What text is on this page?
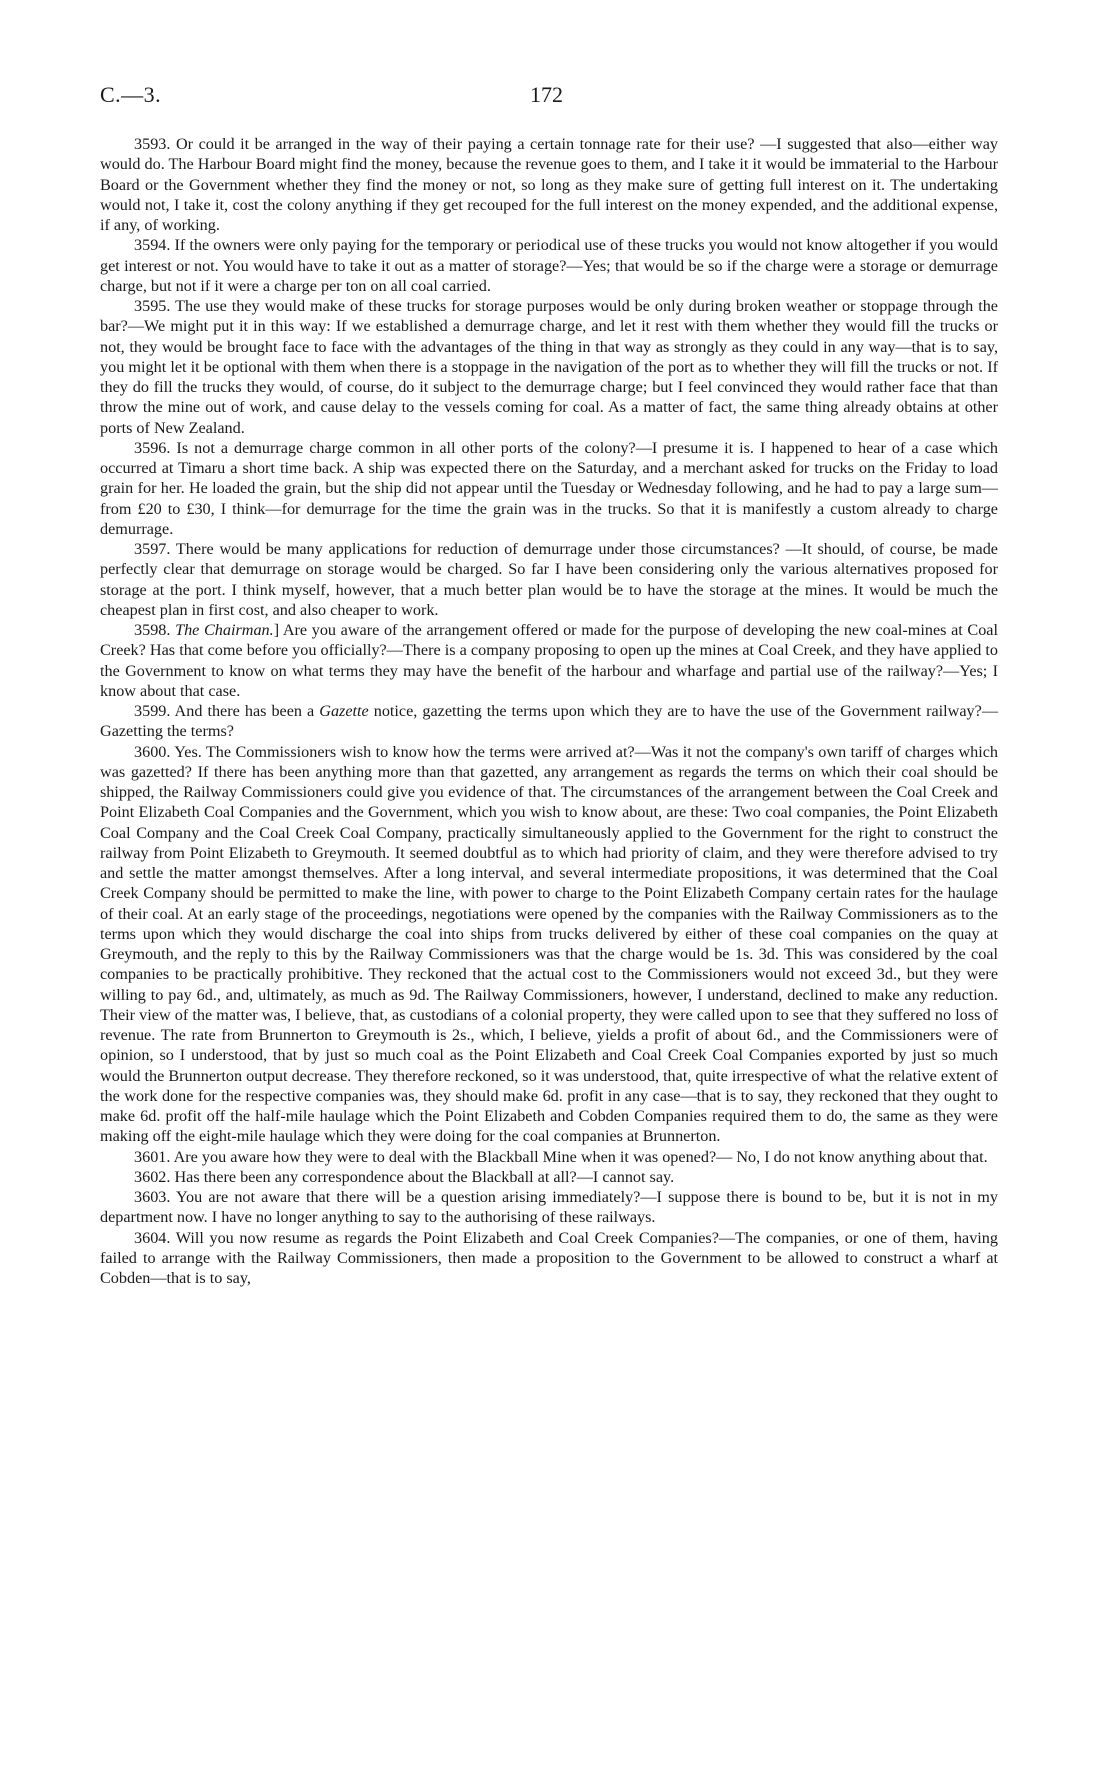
C.—3.	172

3593. Or could it be arranged in the way of their paying a certain tonnage rate for their use? —I suggested that also—either way would do. The Harbour Board might find the money, because the revenue goes to them, and I take it it would be immaterial to the Harbour Board or the Government whether they find the money or not, so long as they make sure of getting full interest on it. The undertaking would not, I take it, cost the colony anything if they get recouped for the full interest on the money expended, and the additional expense, if any, of working.

3594. If the owners were only paying for the temporary or periodical use of these trucks you would not know altogether if you would get interest or not. You would have to take it out as a matter of storage?—Yes; that would be so if the charge were a storage or demurrage charge, but not if it were a charge per ton on all coal carried.

3595. The use they would make of these trucks for storage purposes would be only during broken weather or stoppage through the bar?—We might put it in this way: If we established a demurrage charge, and let it rest with them whether they would fill the trucks or not, they would be brought face to face with the advantages of the thing in that way as strongly as they could in any way—that is to say, you might let it be optional with them when there is a stoppage in the navigation of the port as to whether they will fill the trucks or not. If they do fill the trucks they would, of course, do it subject to the demurrage charge; but I feel convinced they would rather face that than throw the mine out of work, and cause delay to the vessels coming for coal. As a matter of fact, the same thing already obtains at other ports of New Zealand.

3596. Is not a demurrage charge common in all other ports of the colony?—I presume it is. I happened to hear of a case which occurred at Timaru a short time back. A ship was expected there on the Saturday, and a merchant asked for trucks on the Friday to load grain for her. He loaded the grain, but the ship did not appear until the Tuesday or Wednesday following, and he had to pay a large sum—from £20 to £30, I think—for demurrage for the time the grain was in the trucks. So that it is manifestly a custom already to charge demurrage.

3597. There would be many applications for reduction of demurrage under those circumstances? —It should, of course, be made perfectly clear that demurrage on storage would be charged. So far I have been considering only the various alternatives proposed for storage at the port. I think myself, however, that a much better plan would be to have the storage at the mines. It would be much the cheapest plan in first cost, and also cheaper to work.

3598. The Chairman.] Are you aware of the arrangement offered or made for the purpose of developing the new coal-mines at Coal Creek? Has that come before you officially?—There is a company proposing to open up the mines at Coal Creek, and they have applied to the Government to know on what terms they may have the benefit of the harbour and wharfage and partial use of the railway?—Yes; I know about that case.

3599. And there has been a Gazette notice, gazetting the terms upon which they are to have the use of the Government railway?—Gazetting the terms?

3600. Yes. The Commissioners wish to know how the terms were arrived at?—Was it not the company's own tariff of charges which was gazetted? If there has been anything more than that gazetted, any arrangement as regards the terms on which their coal should be shipped, the Railway Commissioners could give you evidence of that. The circumstances of the arrangement between the Coal Creek and Point Elizabeth Coal Companies and the Government, which you wish to know about, are these: Two coal companies, the Point Elizabeth Coal Company and the Coal Creek Coal Company, practically simultaneously applied to the Government for the right to construct the railway from Point Elizabeth to Greymouth. It seemed doubtful as to which had priority of claim, and they were therefore advised to try and settle the matter amongst themselves. After a long interval, and several intermediate propositions, it was determined that the Coal Creek Company should be permitted to make the line, with power to charge to the Point Elizabeth Company certain rates for the haulage of their coal. At an early stage of the proceedings, negotiations were opened by the companies with the Railway Commissioners as to the terms upon which they would discharge the coal into ships from trucks delivered by either of these coal companies on the quay at Greymouth, and the reply to this by the Railway Commissioners was that the charge would be 1s. 3d. This was considered by the coal companies to be practically prohibitive. They reckoned that the actual cost to the Commissioners would not exceed 3d., but they were willing to pay 6d., and, ultimately, as much as 9d. The Railway Commissioners, however, I understand, declined to make any reduction. Their view of the matter was, I believe, that, as custodians of a colonial property, they were called upon to see that they suffered no loss of revenue. The rate from Brunnerton to Greymouth is 2s., which, I believe, yields a profit of about 6d., and the Commissioners were of opinion, so I understood, that by just so much coal as the Point Elizabeth and Coal Creek Coal Companies exported by just so much would the Brunnerton output decrease. They therefore reckoned, so it was understood, that, quite irrespective of what the relative extent of the work done for the respective companies was, they should make 6d. profit in any case—that is to say, they reckoned that they ought to make 6d. profit off the half-mile haulage which the Point Elizabeth and Cobden Companies required them to do, the same as they were making off the eight-mile haulage which they were doing for the coal companies at Brunnerton.

3601. Are you aware how they were to deal with the Blackball Mine when it was opened?— No, I do not know anything about that.

3602. Has there been any correspondence about the Blackball at all?—I cannot say.

3603. You are not aware that there will be a question arising immediately?—I suppose there is bound to be, but it is not in my department now. I have no longer anything to say to the authorising of these railways.

3604. Will you now resume as regards the Point Elizabeth and Coal Creek Companies?—The companies, or one of them, having failed to arrange with the Railway Commissioners, then made a proposition to the Government to be allowed to construct a wharf at Cobden—that is to say,
